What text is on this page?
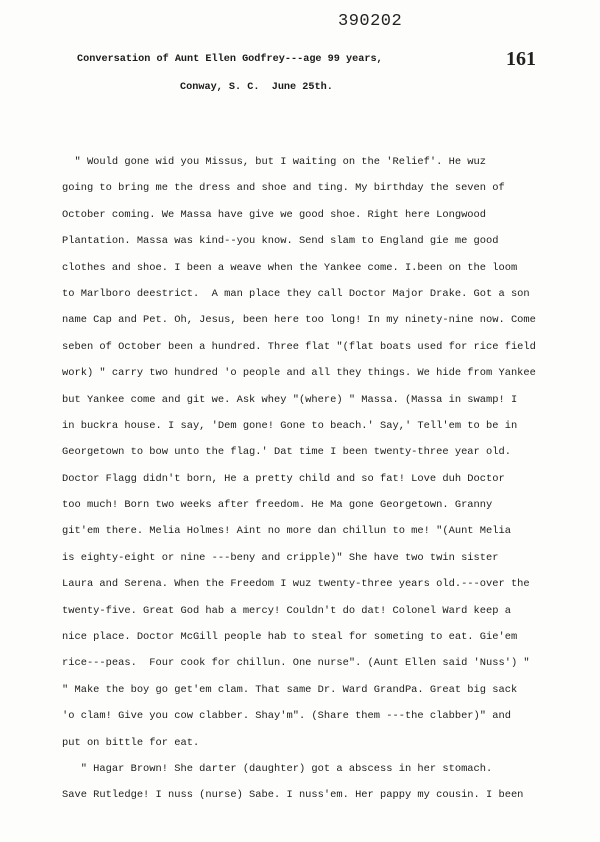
390202
161
Conversation of Aunt Ellen Godfrey---age 99 years,
Conway, S. C.  June 25th.
" Would gone wid you Missus, but I waiting on the 'Relief'. He wuz
going to bring me the dress and shoe and ting. My birthday the seven of
October coming. We Massa have give we good shoe. Right here Longwood
Plantation. Massa was kind--you know. Send slam to England gie me good
clothes and shoe. I been a weave when the Yankee come. I.been on the loom
to Marlboro deestrict.  A man place they call Doctor Major Drake. Got a son
name Cap and Pet. Oh, Jesus, been here too long! In my ninety-nine now. Come
seben of October been a hundred. Three flat "(flat boats used for rice field
work) " carry two hundred 'o people and all they things. We hide from Yankee
but Yankee come and git we. Ask whey "(where) " Massa. (Massa in swamp! I
in buckra house. I say, 'Dem gone! Gone to beach.' Say,' Tell'em to be in
Georgetown to bow unto the flag.' Dat time I been twenty-three year old.
Doctor Flagg didn't born, He a pretty child and so fat! Love duh Doctor
too much! Born two weeks after freedom. He Ma gone Georgetown. Granny
git'em there. Melia Holmes! Aint no more dan chillun to me! "(Aunt Melia
is eighty-eight or nine ---beny and cripple)" She have two twin sister
Laura and Serena. When the Freedom I wuz twenty-three years old.---over the
twenty-five. Great God hab a mercy! Couldn't do dat! Colonel Ward keep a
nice place. Doctor McGill people hab to steal for someting to eat. Gie'em
rice---peas.  Four cook for chillun. One nurse". (Aunt Ellen said 'Nuss') "
" Make the boy go get'em clam. That same Dr. Ward GrandPa. Great big sack
'o clam! Give you cow clabber. Shay'm". (Share them ---the clabber)" and
put on bittle for eat.
" Hagar Brown! She darter (daughter) got a abscess in her stomach.
Save Rutledge! I nuss (nurse) Sabe. I nuss'em. Her pappy my cousin. I been
